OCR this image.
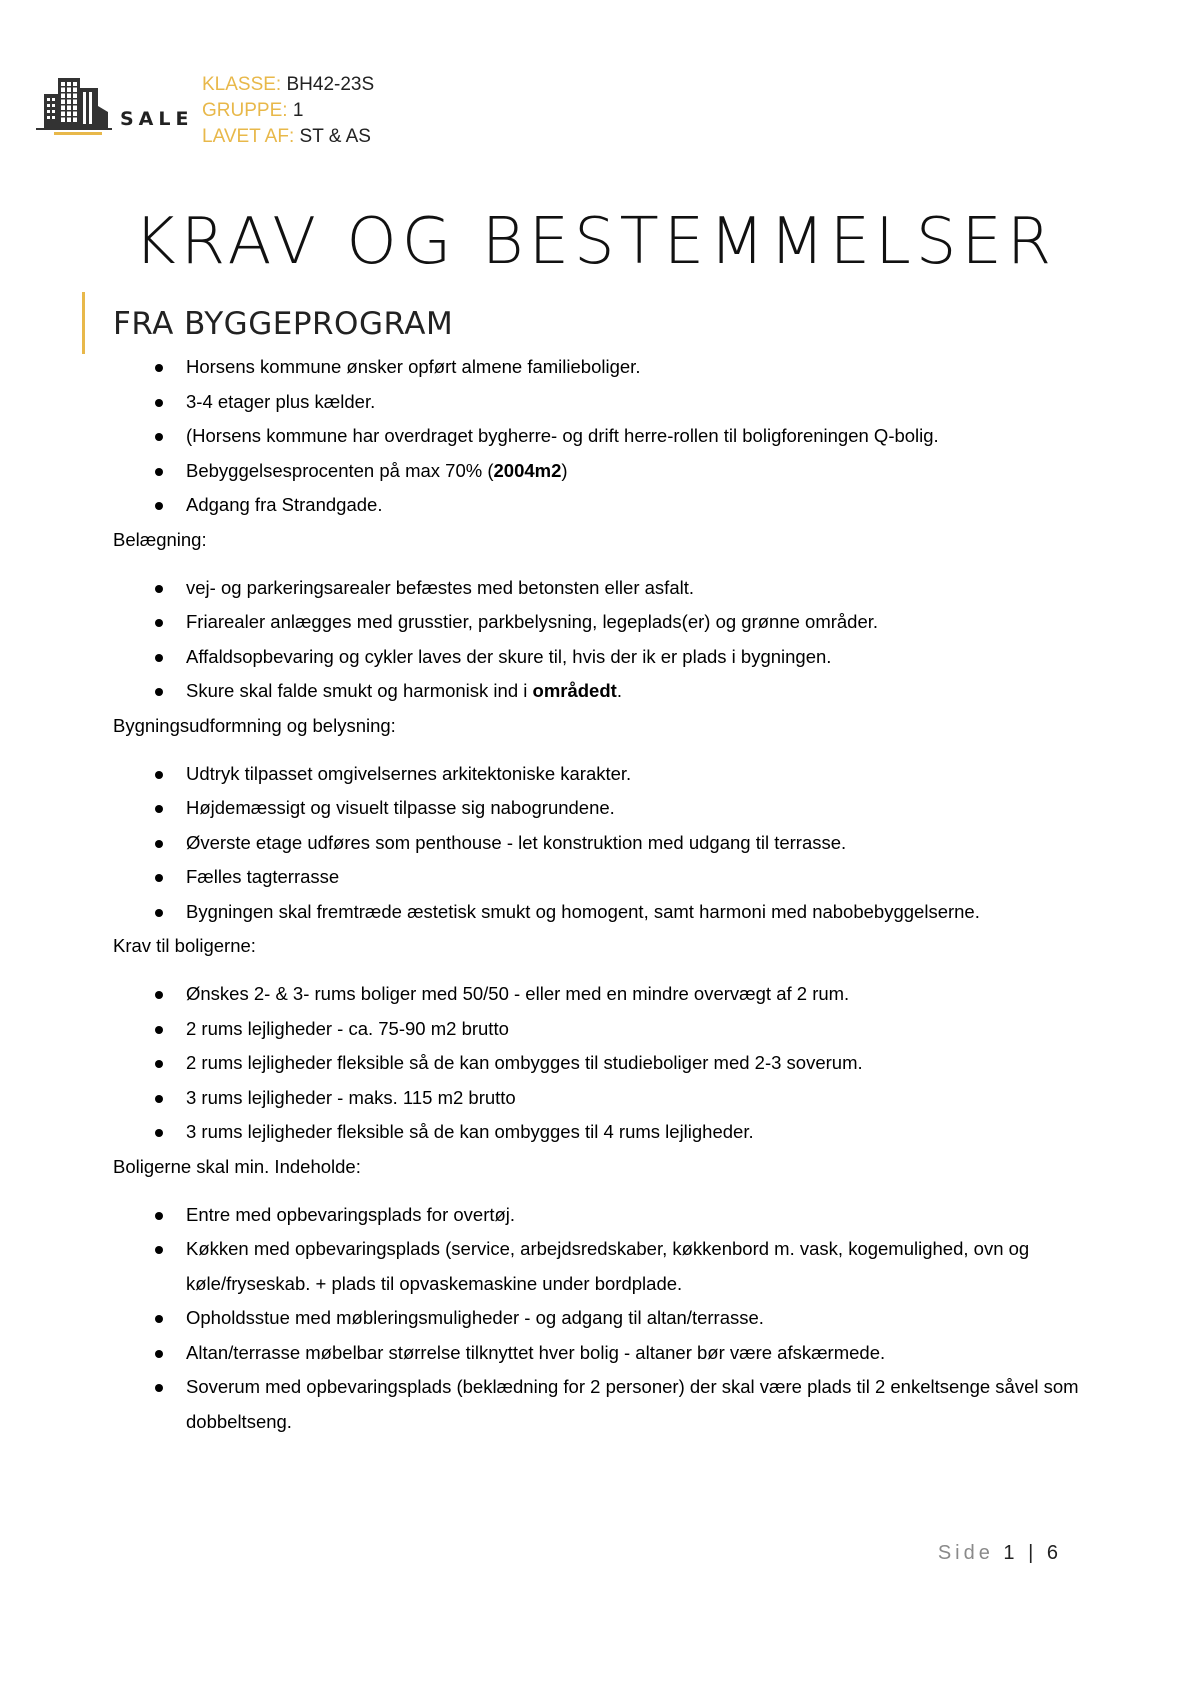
SALE
KLASSE: BH42-23S
GRUPPE: 1
LAVET AF: ST & AS
KRAV OG BESTEMMELSER
FRA BYGGEPROGRAM
Horsens kommune ønsker opført almene familieboliger.
3-4 etager plus kælder.
(Horsens kommune har overdraget bygherre- og drift herre-rollen til boligforeningen Q-bolig.
Bebyggelsesprocenten på max 70% (2004m2)
Adgang fra Strandgade.
Belægning:
vej- og parkeringsarealer befæstes med betonsten eller asfalt.
Friarealer anlægges med grusstier, parkbelysning, legeplads(er) og grønne områder.
Affaldsopbevaring og cykler laves der skure til, hvis der ik er plads i bygningen.
Skure skal falde smukt og harmonisk ind i områdedt.
Bygningsudformning og belysning:
Udtryk tilpasset omgivelsernes arkitektoniske karakter.
Højdemæssigt og visuelt tilpasse sig nabogrundene.
Øverste etage udføres som penthouse - let konstruktion med udgang til terrasse.
Fælles tagterrasse
Bygningen skal fremtræde æstetisk smukt og homogent, samt harmoni med nabobebyggelserne.
Krav til boligerne:
Ønskes 2- & 3- rums boliger med 50/50 - eller med en mindre overvægt af 2 rum.
2 rums lejligheder - ca. 75-90 m2 brutto
2 rums lejligheder fleksible så de kan ombygges til studieboliger med 2-3 soverum.
3 rums lejligheder - maks. 115 m2 brutto
3 rums lejligheder fleksible så de kan ombygges til 4 rums lejligheder.
Boligerne skal min. Indeholde:
Entre med opbevaringsplads for overtøj.
Køkken med opbevaringsplads (service, arbejdsredskaber, køkkenbord m. vask, kogemulighed, ovn og køle/fryseskab. + plads til opvaskemaskine under bordplade.
Opholdsstue med møbleringsmuligheder - og adgang til altan/terrasse.
Altan/terrasse møbelbar størrelse tilknyttet hver bolig - altaner bør være afskærmede.
Soverum med opbevaringsplads (beklædning for 2 personer) der skal være plads til 2 enkeltsenge såvel som dobbeltseng.
Side 1 | 6
